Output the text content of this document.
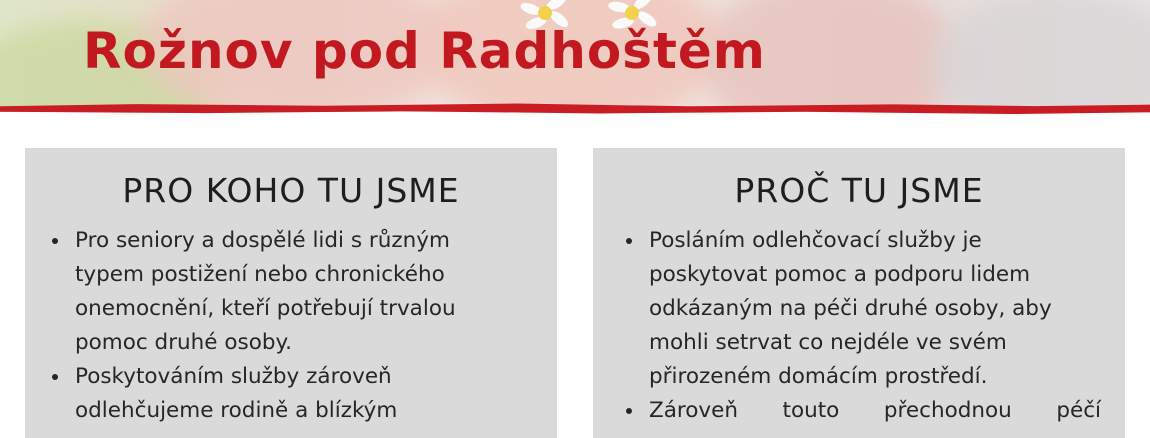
Rožnov pod Radhoštěm
PRO KOHO TU JSME
Pro seniory a dospělé lidi s různým typem postižení nebo chronického onemocnění, kteří potřebují trvalou pomoc druhé osoby.
Poskytováním služby zároveň odlehčujeme rodině a blízkým
PROČ TU JSME
Posláním odlehčovací služby je poskytovat pomoc a podporu lidem odkázaným na péči druhé osoby, aby mohli setrvat co nejdéle ve svém přirozeném domácím prostředí.
Zároveň touto přechodnou péčí
